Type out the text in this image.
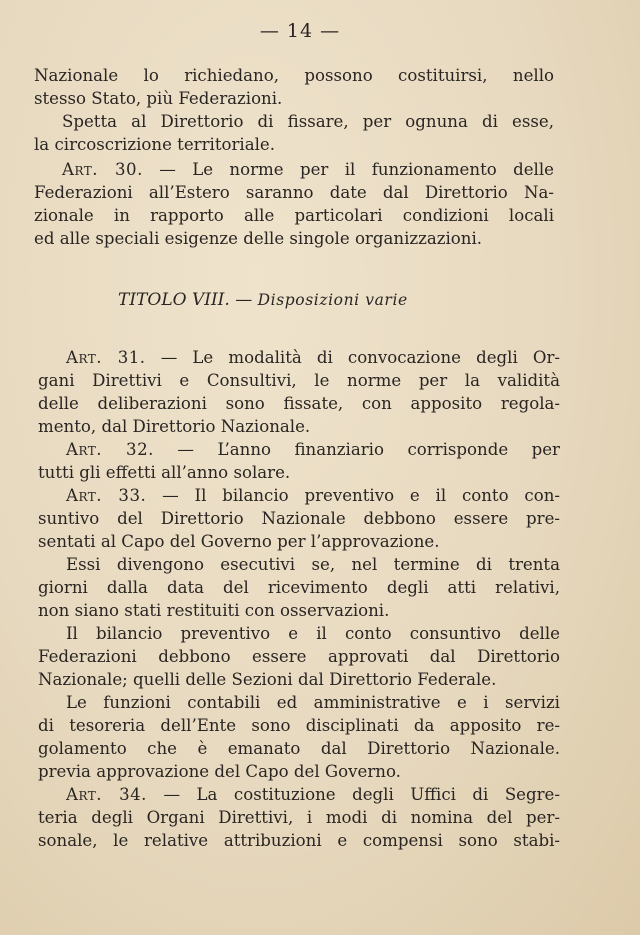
— 14 —
Nazionale lo richiedano, possono costituirsi, nello
stesso Stato, più Federazioni.
Spetta al Direttorio di fissare, per ognuna di esse,
la circoscrizione territoriale.
Art. 30. — Le norme per il funzionamento delle
Federazioni all’Estero saranno date dal Direttorio Na-
zionale in rapporto alle particolari condizioni locali
ed alle speciali esigenze delle singole organizzazioni.
TITOLO VIII. — Disposizioni varie
Art. 31. — Le modalità di convocazione degli Or-
gani Direttivi e Consultivi, le norme per la validità
delle deliberazioni sono fissate, con apposito regola-
mento, dal Direttorio Nazionale.
Art. 32. — L’anno finanziario corrisponde per
tutti gli effetti all’anno solare.
Art. 33. — Il bilancio preventivo e il conto con-
suntivo del Direttorio Nazionale debbono essere pre-
sentati al Capo del Governo per l’approvazione.
Essi divengono esecutivi se, nel termine di trenta
giorni dalla data del ricevimento degli atti relativi,
non siano stati restituiti con osservazioni.
Il bilancio preventivo e il conto consuntivo delle
Federazioni debbono essere approvati dal Direttorio
Nazionale; quelli delle Sezioni dal Direttorio Federale.
Le funzioni contabili ed amministrative e i servizi
di tesoreria dell’Ente sono disciplinati da apposito re-
golamento che è emanato dal Direttorio Nazionale.
previa approvazione del Capo del Governo.
Art. 34. — La costituzione degli Uffici di Segre-
teria degli Organi Direttivi, i modi di nomina del per-
sonale, le relative attribuzioni e compensi sono stabi-
